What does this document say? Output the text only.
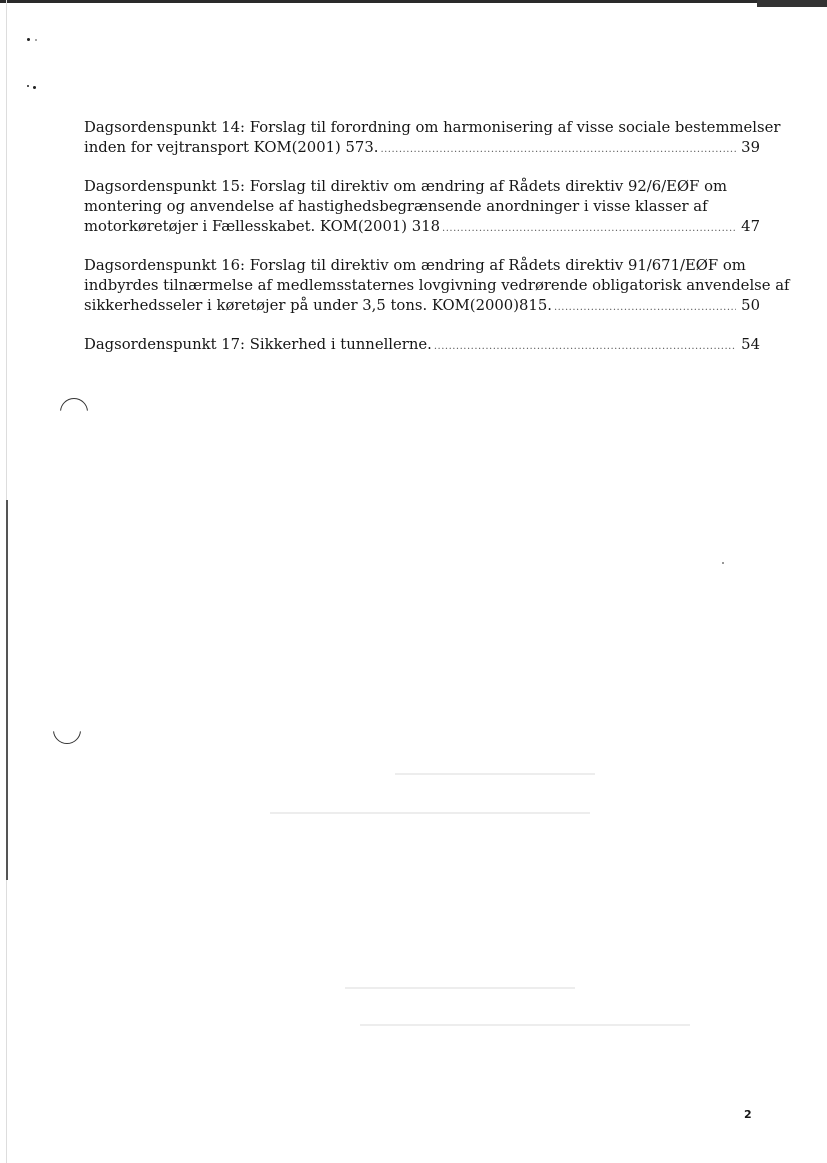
Dagsordenspunkt 14: Forslag til forordning om harmonisering af visse sociale bestemmelser
inden for vejtransport KOM(2001) 573. .....	39
Dagsordenspunkt 15: Forslag til direktiv om ændring af Rådets direktiv 92/6/EØF om
montering og anvendelse af hastighedsbegrænsende anordninger i visse klasser af
motorkøretøjer i Fællesskabet. KOM(2001) 318 .....	47
Dagsordenspunkt 16: Forslag til direktiv om ændring af Rådets direktiv 91/671/EØF om
indbyrdes tilnærmelse af medlemsstaternes lovgivning vedrørende obligatorisk anvendelse af
sikkerhedsseler i køretøjer på under 3,5 tons. KOM(2000)815. .....	50
Dagsordenspunkt 17: Sikkerhed i tunnellerne. .....	54
2
